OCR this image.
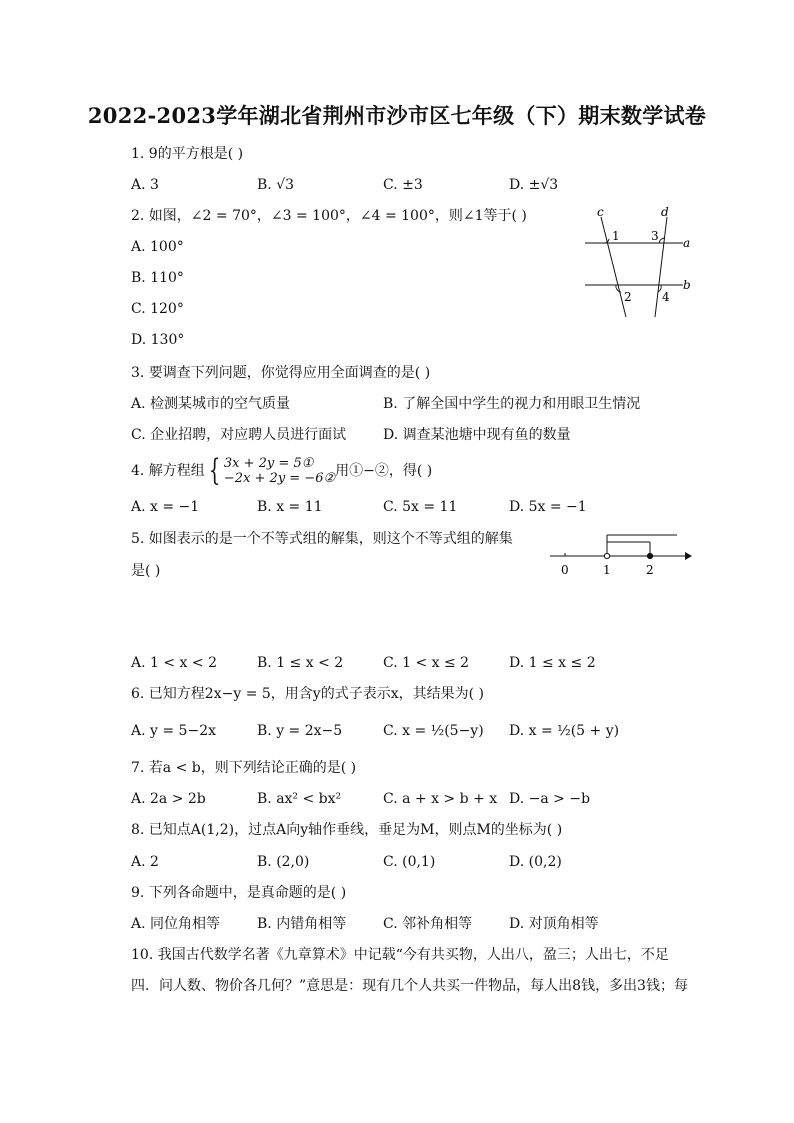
2022-2023学年湖北省荆州市沙市区七年级（下）期末数学试卷
1. 9的平方根是( )
A. 3	B. √3	C. ±3	D. ±√3
2. 如图，∠2 = 70°，∠3 = 100°，∠4 = 100°，则∠1等于( )
A. 100°
B. 110°
C. 120°
D. 130°
c	d
a
b
1	3
2	4
3. 要调查下列问题，你觉得应用全面调查的是( )
A. 检测某城市的空气质量	B. 了解全国中学生的视力和用眼卫生情况
C. 企业招聘，对应聘人员进行面试	D. 调查某池塘中现有鱼的数量
4. 解方程组 { 3x + 2y = 5①
−2x + 2y = −6② 用①−②，得( )
A. x = −1	B. x = 11	C. 5x = 11	D. 5x = −1
5. 如图表示的是一个不等式组的解集，则这个不等式组的解集
是( )	0	1	2
A. 1 < x < 2	B. 1 ≤ x < 2	C. 1 < x ≤ 2	D. 1 ≤ x ≤ 2
6. 已知方程2x−y = 5，用含y的式子表示x，其结果为( )
A. y = 5−2x	B. y = 2x−5	C. x = ½(5−y) D. x = ½(5 + y)
7. 若a < b，则下列结论正确的是( )
A. 2a > 2b	B. ax² < bx²	C. a + x > b + x D. −a > −b
8. 已知点A(1,2)，过点A向y轴作垂线，垂足为M，则点M的坐标为( )
A. 2	B. (2,0)	C. (0,1)	D. (0,2)
9. 下列各命题中，是真命题的是( )
A. 同位角相等	B. 内错角相等	C. 邻补角相等	D. 对顶角相等
10. 我国古代数学名著《九章算术》中记载“今有共买物，人出八，盈三；人出七，不足
四．问人数、物价各几何？”意思是：现有几个人共买一件物品，每人出8钱，多出3钱；每
